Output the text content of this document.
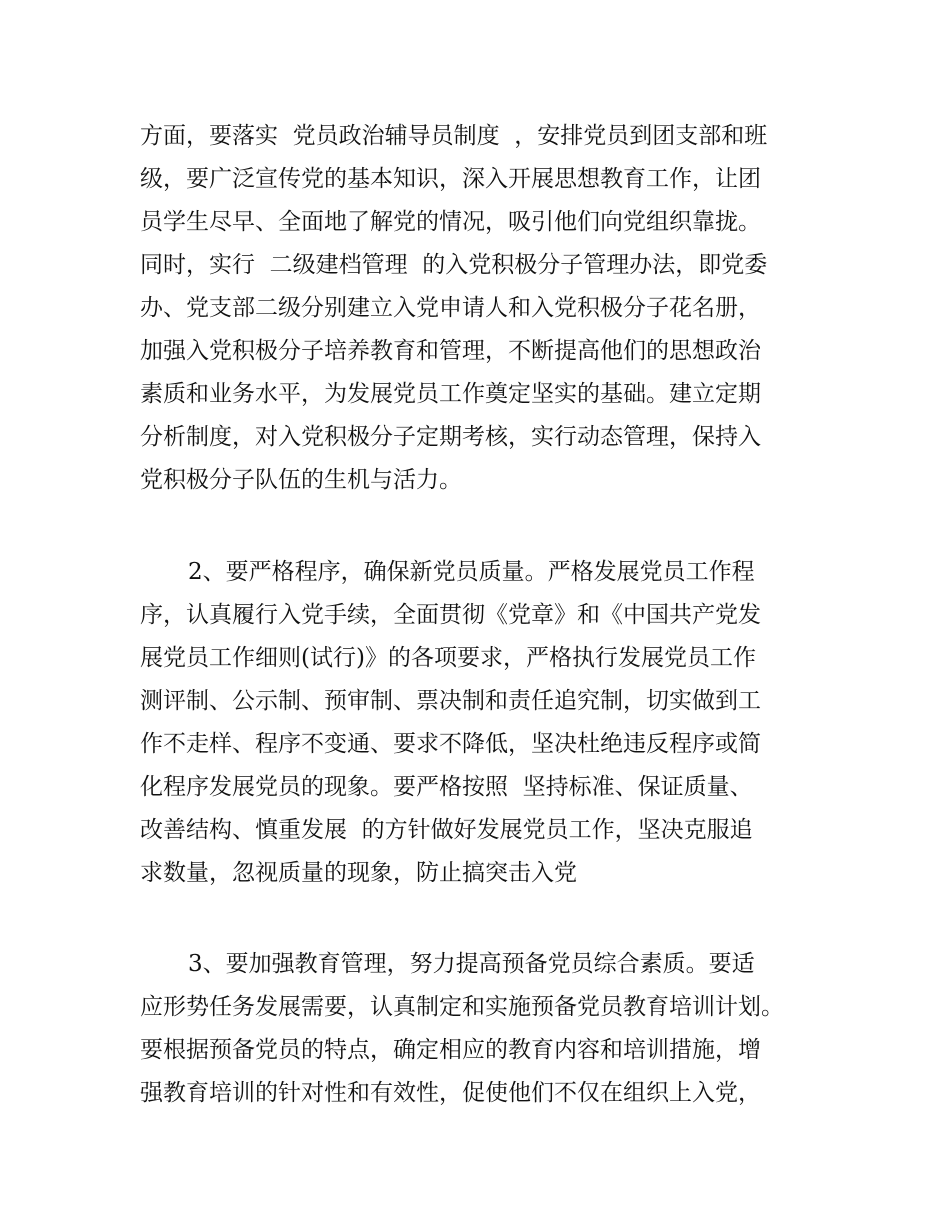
方面，要落实  党员政治辅导员制度  ，安排党员到团支部和班

级，要广泛宣传党的基本知识，深入开展思想教育工作，让团

员学生尽早、全面地了解党的情况，吸引他们向党组织靠拢。

同时，实行  二级建档管理  的入党积极分子管理办法，即党委

办、党支部二级分别建立入党申请人和入党积极分子花名册，

加强入党积极分子培养教育和管理，不断提高他们的思想政治

素质和业务水平，为发展党员工作奠定坚实的基础。建立定期

分析制度，对入党积极分子定期考核，实行动态管理，保持入

党积极分子队伍的生机与活力。

2、要严格程序，确保新党员质量。严格发展党员工作程

序，认真履行入党手续，全面贯彻《党章》和《中国共产党发

展党员工作细则(试行)》的各项要求，严格执行发展党员工作

测评制、公示制、预审制、票决制和责任追究制，切实做到工

作不走样、程序不变通、要求不降低，坚决杜绝违反程序或简

化程序发展党员的现象。要严格按照  坚持标准、保证质量、

改善结构、慎重发展  的方针做好发展党员工作，坚决克服追

求数量，忽视质量的现象，防止搞突击入党

3、要加强教育管理，努力提高预备党员综合素质。要适

应形势任务发展需要，认真制定和实施预备党员教育培训计划。

要根据预备党员的特点，确定相应的教育内容和培训措施，增

强教育培训的针对性和有效性，促使他们不仅在组织上入党，
